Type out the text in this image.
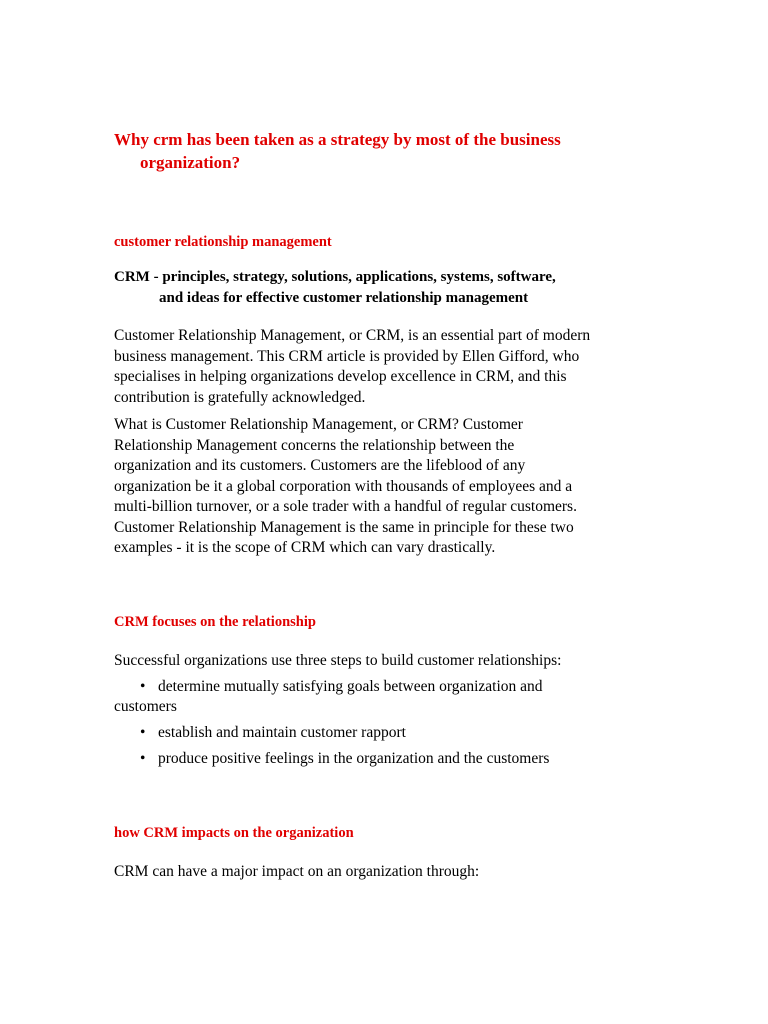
Why crm has been taken as a strategy by most of the business
organization?
customer relationship management

CRM - principles, strategy, solutions, applications, systems, software,
and ideas for effective customer relationship management

Customer Relationship Management, or CRM, is an essential part of modern
business management. This CRM article is provided by Ellen Gifford, who
specialises in helping organizations develop excellence in CRM, and this
contribution is gratefully acknowledged.

What is Customer Relationship Management, or CRM? Customer
Relationship Management concerns the relationship between the
organization and its customers. Customers are the lifeblood of any
organization be it a global corporation with thousands of employees and a
multi-billion turnover, or a sole trader with a handful of regular customers.
Customer Relationship Management is the same in principle for these two
examples - it is the scope of CRM which can vary drastically.

CRM focuses on the relationship

Successful organizations use three steps to build customer relationships:

• determine mutually satisfying goals between organization and
customers
• establish and maintain customer rapport
• produce positive feelings in the organization and the customers
how CRM impacts on the organization

CRM can have a major impact on an organization through:
